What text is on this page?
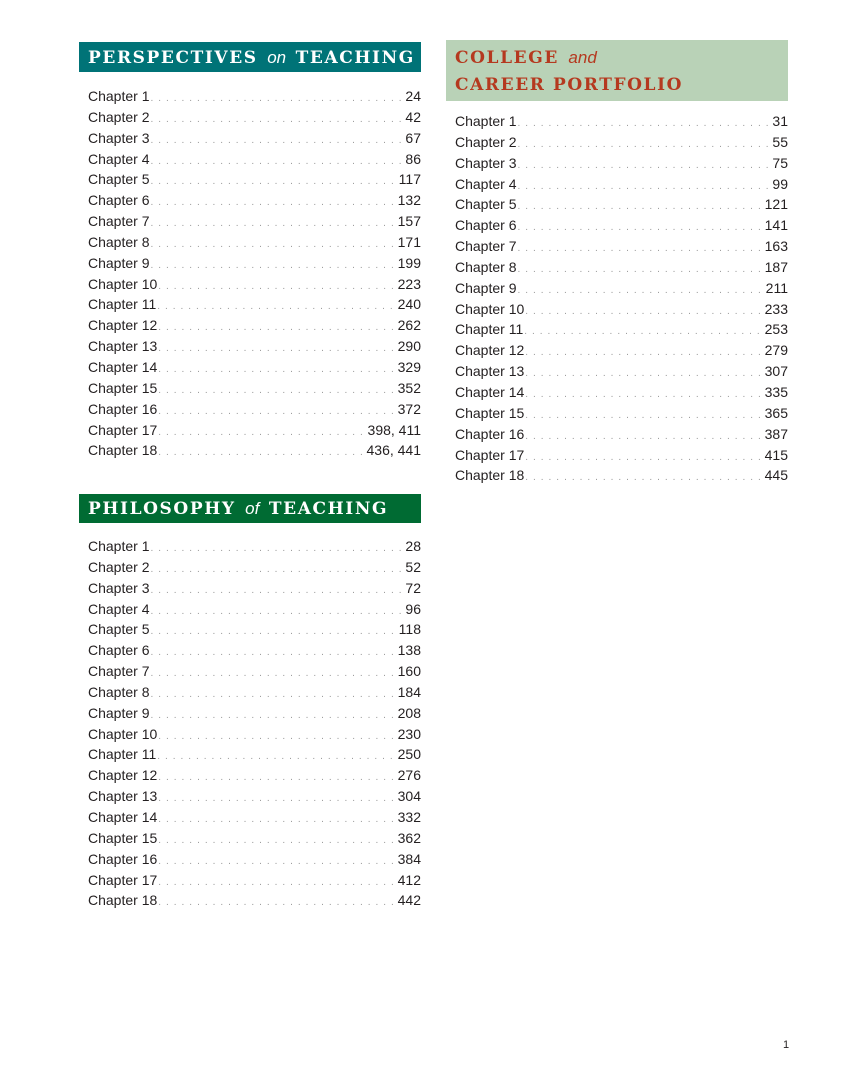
PERSPECTIVES on TEACHING
Chapter 1 . . .	24
Chapter 2 . . .	42
Chapter 3 . . .	67
Chapter 4 . . .	86
Chapter 5 . . .	117
Chapter 6 . . .	132
Chapter 7 . . .	157
Chapter 8 . . .	171
Chapter 9 . . .	199
Chapter 10 . . .	223
Chapter 11 . . .	240
Chapter 12 . . .	262
Chapter 13 . . .	290
Chapter 14 . . .	329
Chapter 15 . . .	352
Chapter 16 . . .	372
Chapter 17 . . .	398, 411
Chapter 18 . . .	436, 441
COLLEGE and
CAREER PORTFOLIO
Chapter 1 . . .	31
Chapter 2 . . .	55
Chapter 3 . . .	75
Chapter 4 . . .	99
Chapter 5 . . .	121
Chapter 6 . . .	141
Chapter 7 . . .	163
Chapter 8 . . .	187
Chapter 9 . . .	211
Chapter 10 . . .	233
Chapter 11 . . .	253
Chapter 12 . . .	279
Chapter 13 . . .	307
Chapter 14 . . .	335
Chapter 15 . . .	365
Chapter 16 . . .	387
Chapter 17 . . .	415
Chapter 18 . . .	445
PHILOSOPHY of TEACHING
Chapter 1 . . .	28
Chapter 2 . . .	52
Chapter 3 . . .	72
Chapter 4 . . .	96
Chapter 5 . . .	118
Chapter 6 . . .	138
Chapter 7 . . .	160
Chapter 8 . . .	184
Chapter 9 . . .	208
Chapter 10 . . .	230
Chapter 11 . . .	250
Chapter 12 . . .	276
Chapter 13 . . .	304
Chapter 14 . . .	332
Chapter 15 . . .	362
Chapter 16 . . .	384
Chapter 17 . . .	412
Chapter 18 . . .	442
1
